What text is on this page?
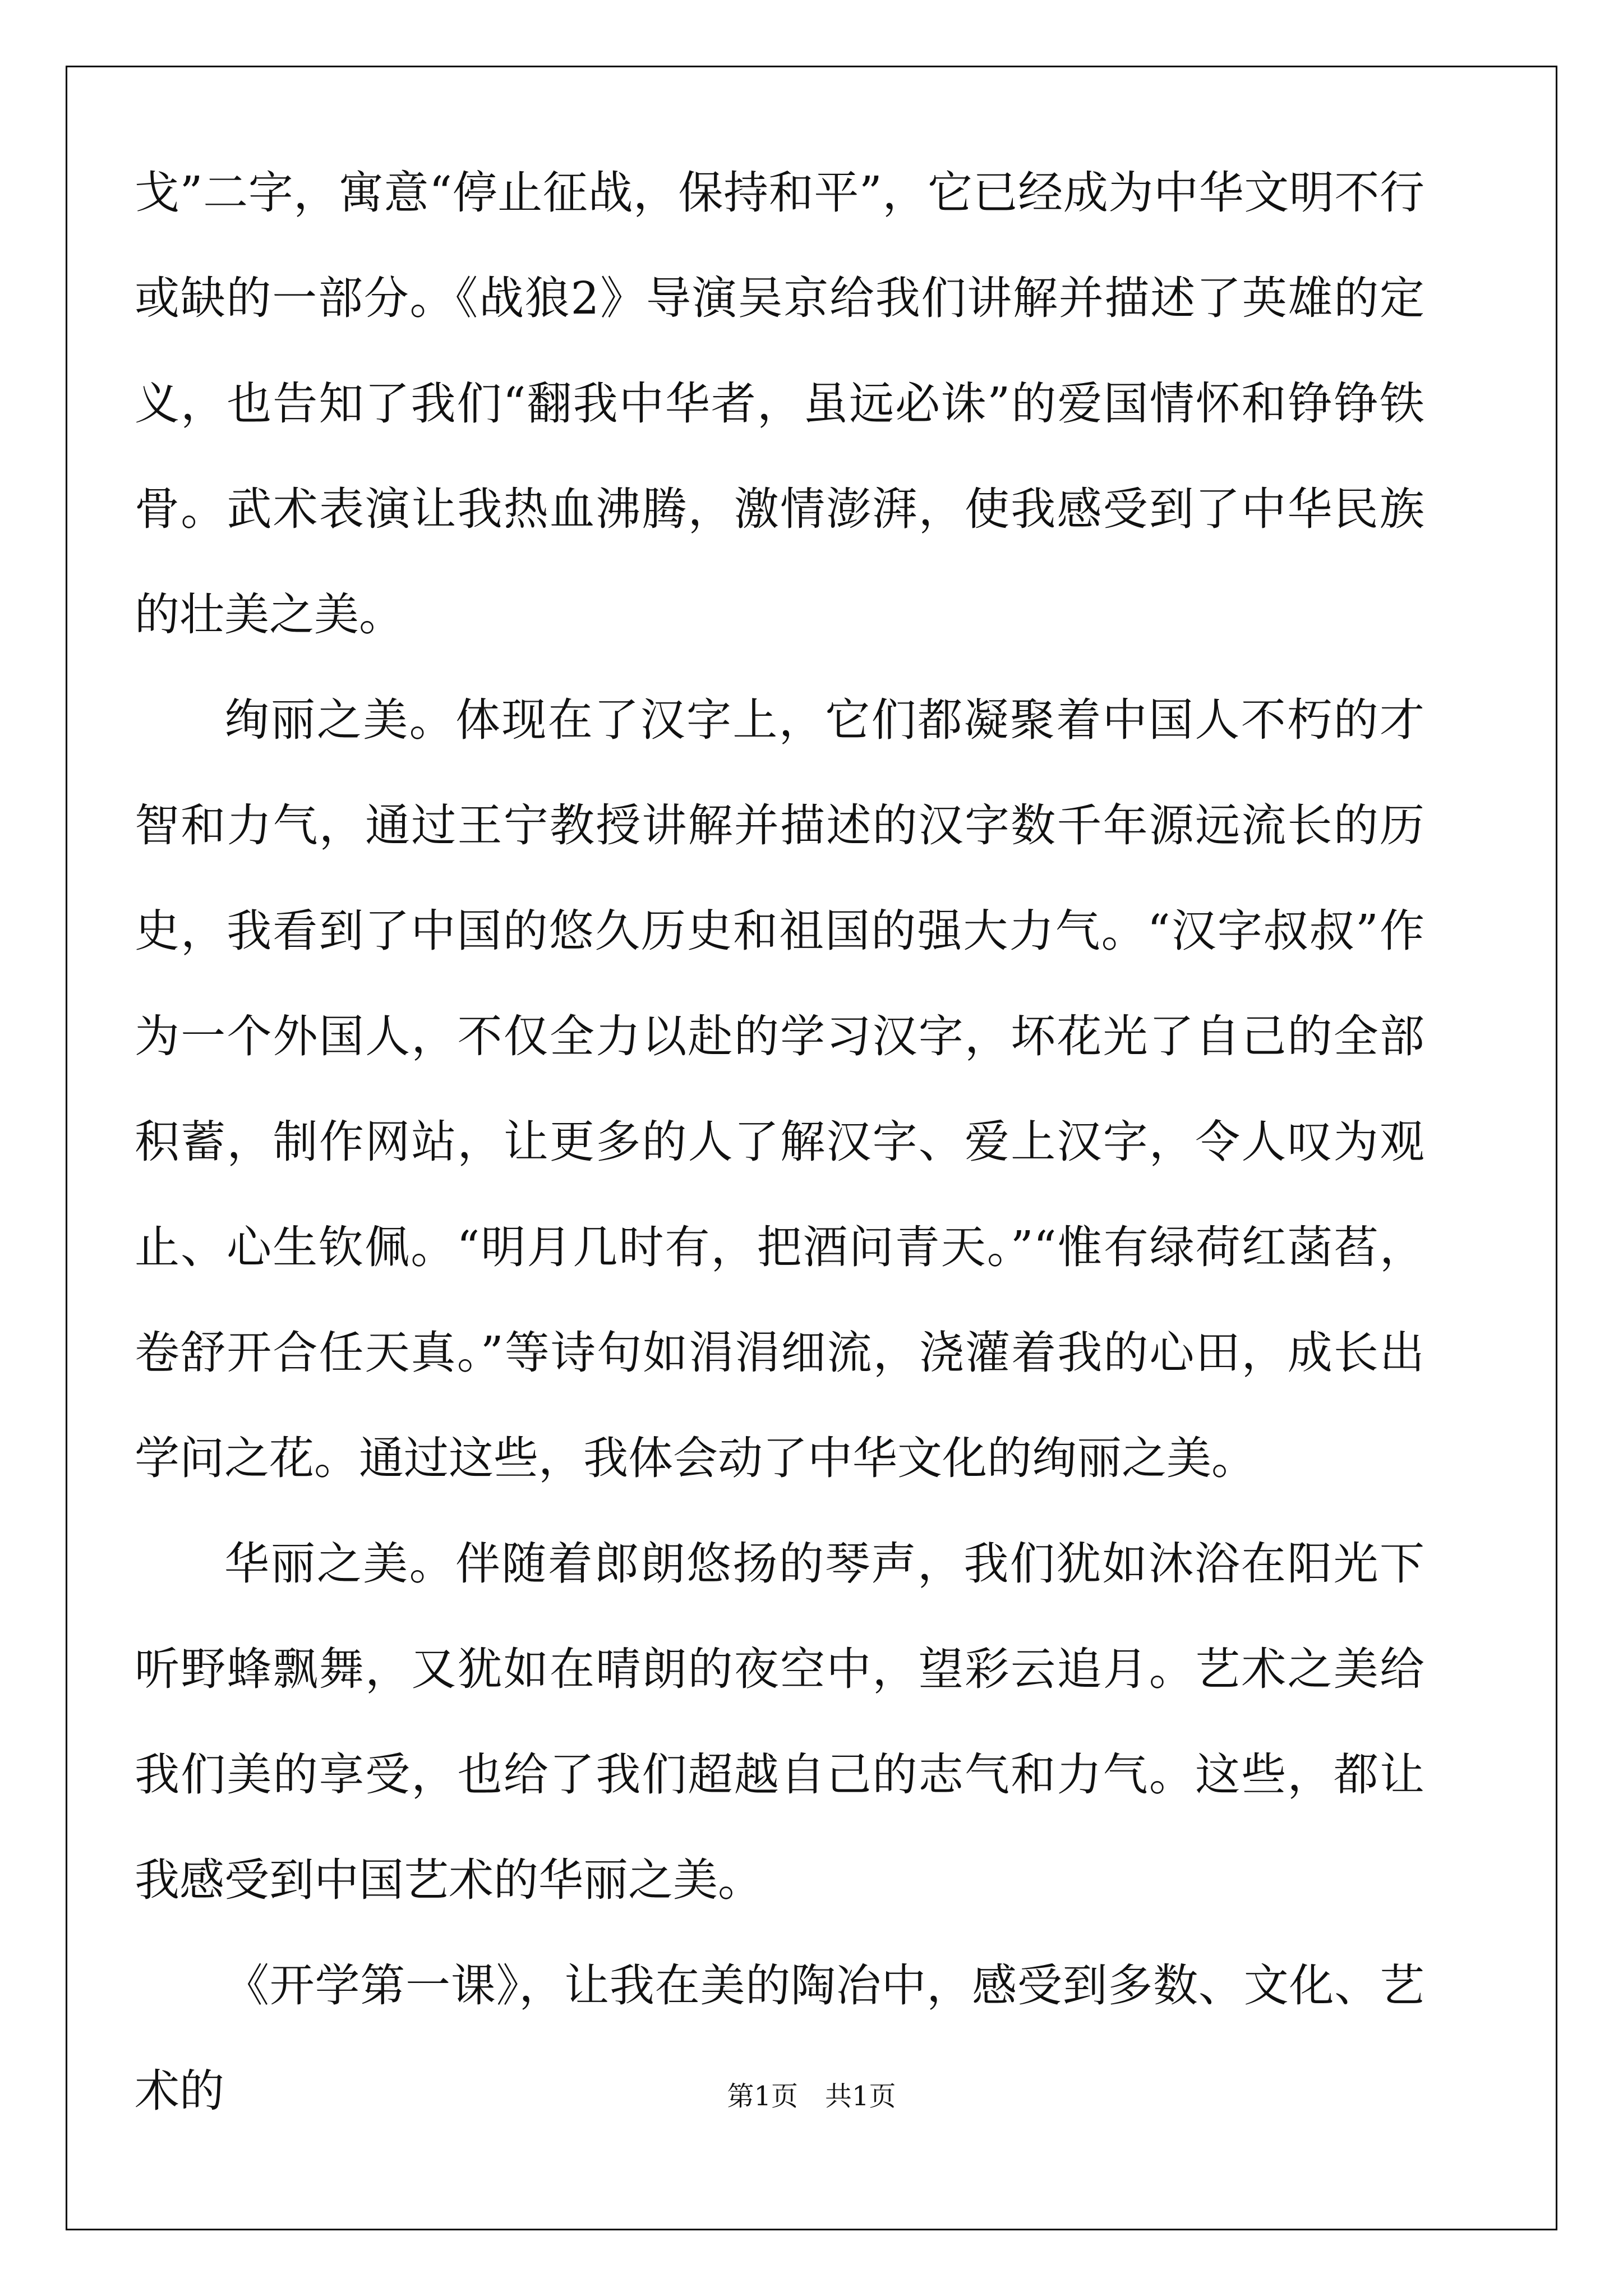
戈”二字，寓意“停止征战，保持和平”，它已经成为中华文明不行或缺的一部分。《战狼2》导演吴京给我们讲解并描述了英雄的定义，也告知了我们“翻我中华者，虽远必诛”的爱国情怀和铮铮铁骨。武术表演让我热血沸腾，激情澎湃，使我感受到了中华民族的壮美之美。

绚丽之美。体现在了汉字上，它们都凝聚着中国人不朽的才智和力气，通过王宁教授讲解并描述的汉字数千年源远流长的历史，我看到了中国的悠久历史和祖国的强大力气。“汉字叔叔”作为一个外国人，不仅全力以赴的学习汉字，坏花光了自己的全部积蓄，制作网站，让更多的人了解汉字、爱上汉字，令人叹为观止、心生钦佩。“明月几时有，把酒问青天。”“惟有绿荷红菡萏，卷舒开合任天真。”等诗句如涓涓细流，浇灌着我的心田，成长出学问之花。通过这些，我体会动了中华文化的绚丽之美。

华丽之美。伴随着郎朗悠扬的琴声，我们犹如沐浴在阳光下听野蜂飘舞，又犹如在晴朗的夜空中，望彩云追月。艺术之美给我们美的享受，也给了我们超越自己的志气和力气。这些，都让我感受到中国艺术的华丽之美。

《开学第一课》，让我在美的陶冶中，感受到多数、文化、艺术的	第1页　共1页
